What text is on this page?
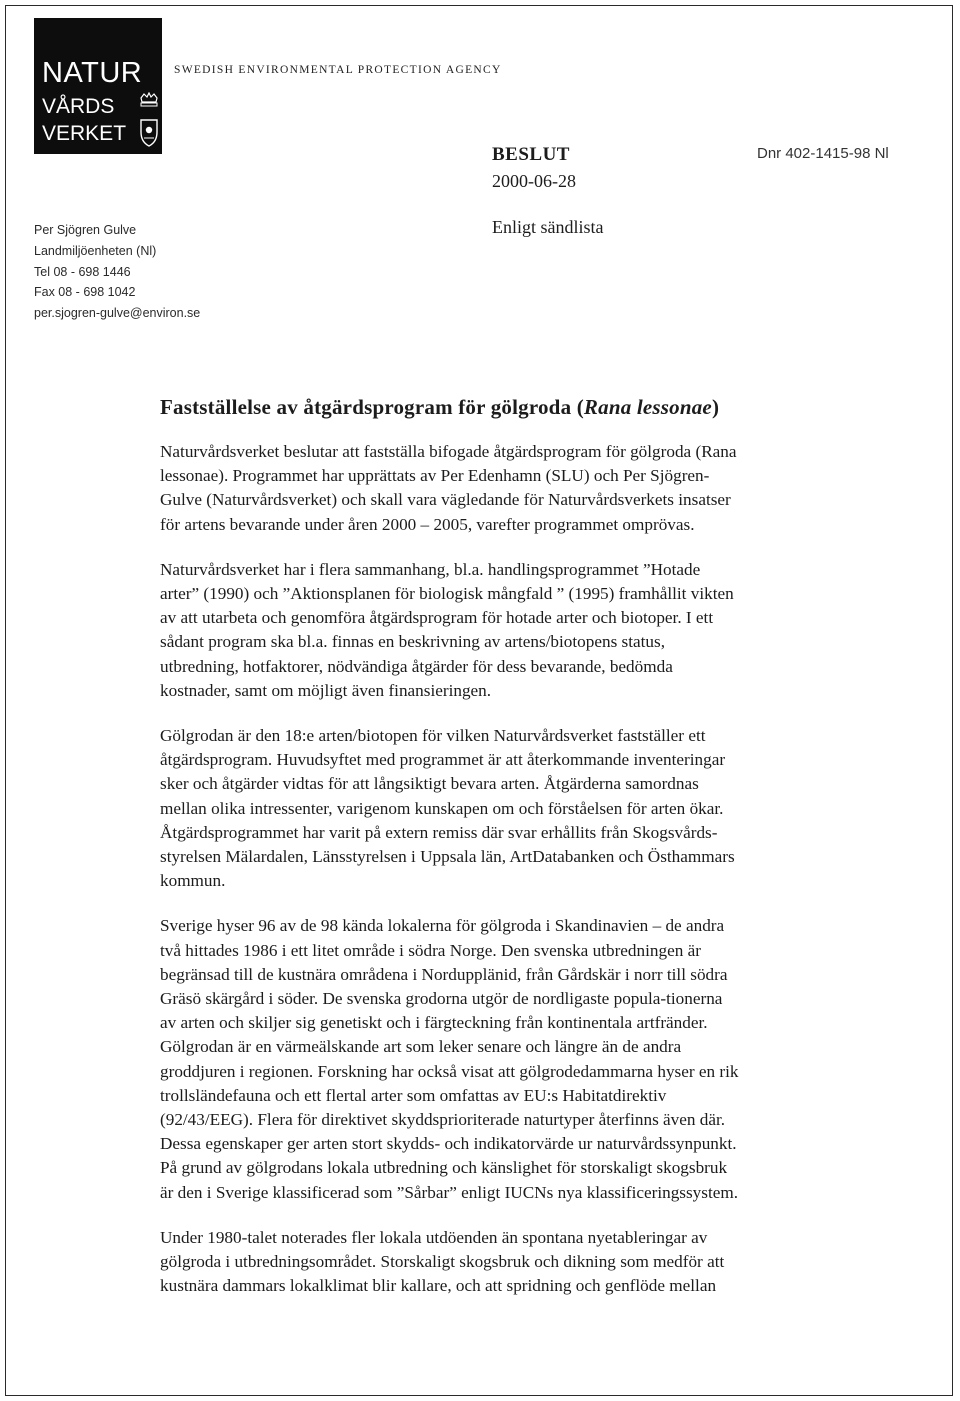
NATUR
VÅRDS
VERKET
SWEDISH ENVIRONMENTAL PROTECTION AGENCY
BESLUT
2000-06-28
Dnr 402-1415-98 Nl
Enligt sändlista
Per Sjögren Gulve
Landmiljöenheten (Nl)
Tel 08 - 698 1446
Fax 08 - 698 1042
per.sjogren-gulve@environ.se
Fastställelse av åtgärdsprogram för gölgroda (Rana lessonae)
Naturvårdsverket beslutar att fastställa bifogade åtgärdsprogram för gölgroda (Rana
lessonae). Programmet har upprättats av Per Edenhamn (SLU) och Per Sjögren-
Gulve (Naturvårdsverket) och skall vara vägledande för Naturvårdsverkets insatser
för artens bevarande under åren 2000 – 2005, varefter programmet omprövas.
Naturvårdsverket har i flera sammanhang, bl.a. handlingsprogrammet ”Hotade
arter” (1990) och ”Aktionsplanen för biologisk mångfald ” (1995) framhållit vikten
av att utarbeta och genomföra åtgärdsprogram för hotade arter och biotoper. I ett
sådant program ska bl.a. finnas en beskrivning av artens/biotopens status,
utbredning, hotfaktorer, nödvändiga åtgärder för dess bevarande, bedömda
kostnader, samt om möjligt även finansieringen.
Gölgrodan är den 18:e arten/biotopen för vilken Naturvårdsverket fastställer ett
åtgärdsprogram. Huvudsyftet med programmet är att återkommande inventeringar
sker och åtgärder vidtas för att långsiktigt bevara arten. Åtgärderna samordnas
mellan olika intressenter, varigenom kunskapen om och förståelsen för arten ökar.
Åtgärdsprogrammet har varit på extern remiss där svar erhållits från Skogsvårds-
styrelsen Mälardalen, Länsstyrelsen i Uppsala län, ArtDatabanken och Östhammars
kommun.
Sverige hyser 96 av de 98 kända lokalerna för gölgroda i Skandinavien – de andra
två hittades 1986 i ett litet område i södra Norge. Den svenska utbredningen är
begränsad till de kustnära områdena i Nordupplänid, från Gårdskär i norr till södra
Gräsö skärgård i söder. De svenska grodorna utgör de nordligaste popula-tionerna
av arten och skiljer sig genetiskt och i färgteckning från kontinentala artfränder.
Gölgrodan är en värmeälskande art som leker senare och längre än de andra
groddjuren i regionen. Forskning har också visat att gölgrodedammarna hyser en rik
trollsländefauna och ett flertal arter som omfattas av EU:s Habitatdirektiv
(92/43/EEG). Flera för direktivet skyddsprioriterade naturtyper återfinns även där.
Dessa egenskaper ger arten stort skydds- och indikatorvärde ur naturvårdssynpunkt.
På grund av gölgrodans lokala utbredning och känslighet för storskaligt skogsbruk
är den i Sverige klassificerad som ”Sårbar” enligt IUCNs nya klassificeringssystem.
Under 1980-talet noterades fler lokala utdöenden än spontana nyetableringar av
gölgroda i utbredningsområdet. Storskaligt skogsbruk och dikning som medför att
kustnära dammars lokalklimat blir kallare, och att spridning och genflöde mellan
